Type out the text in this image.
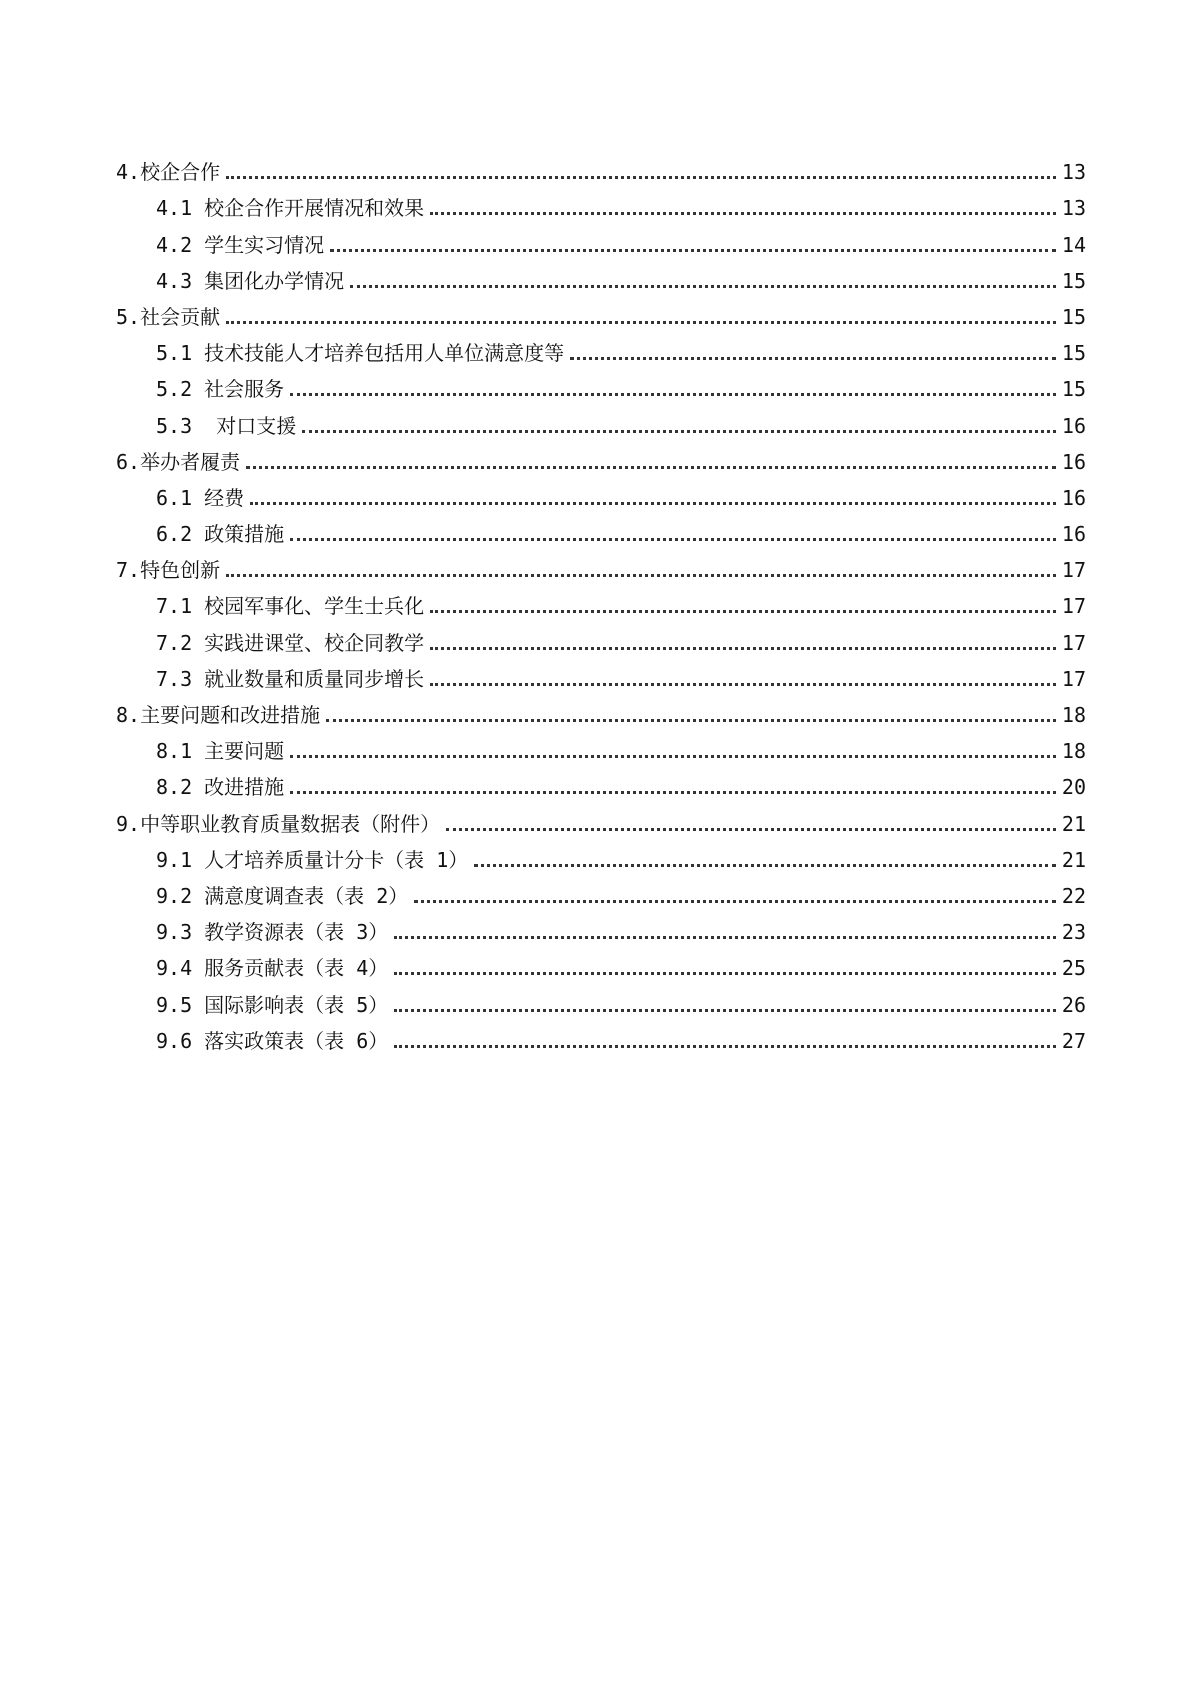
4.校企合作	13
4.1 校企合作开展情况和效果	13
4.2 学生实习情况	14
4.3 集团化办学情况	15
5.社会贡献	15
5.1 技术技能人才培养包括用人单位满意度等	15
5.2 社会服务	15
5.3  对口支援	16
6.举办者履责	16
6.1 经费	16
6.2 政策措施	16
7.特色创新	17
7.1 校园军事化、学生士兵化	17
7.2 实践进课堂、校企同教学	17
7.3 就业数量和质量同步增长	17
8.主要问题和改进措施	18
8.1 主要问题	18
8.2 改进措施	20
9.中等职业教育质量数据表（附件）	21
9.1 人才培养质量计分卡（表 1）	21
9.2 满意度调查表（表 2）	22
9.3 教学资源表（表 3）	23
9.4 服务贡献表（表 4）	25
9.5 国际影响表（表 5）	26
9.6 落实政策表（表 6）	27
